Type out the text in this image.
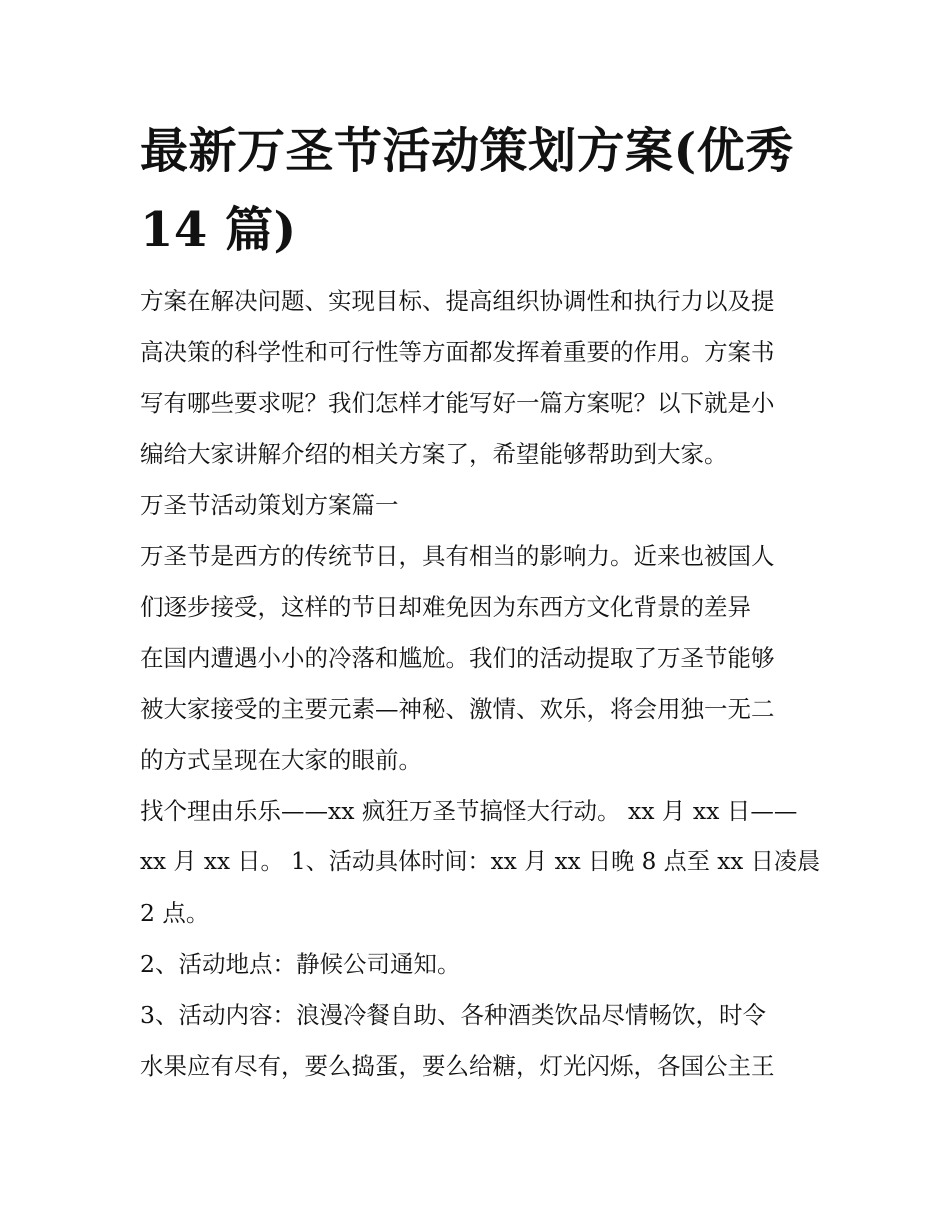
最新万圣节活动策划方案(优秀
14 篇)
方案在解决问题、实现目标、提高组织协调性和执行力以及提
高决策的科学性和可行性等方面都发挥着重要的作用。方案书
写有哪些要求呢？我们怎样才能写好一篇方案呢？以下就是小
编给大家讲解介绍的相关方案了，希望能够帮助到大家。
万圣节活动策划方案篇一
万圣节是西方的传统节日，具有相当的影响力。近来也被国人
们逐步接受，这样的节日却难免因为东西方文化背景的差异
在国内遭遇小小的冷落和尴尬。我们的活动提取了万圣节能够
被大家接受的主要元素—神秘、激情、欢乐，将会用独一无二
的方式呈现在大家的眼前。
找个理由乐乐——xx 疯狂万圣节搞怪大行动。 xx 月 xx 日——
xx 月 xx 日。 1、活动具体时间：xx 月 xx 日晚 8 点至 xx 日凌晨
2 点。
2、活动地点：静候公司通知。
3、活动内容：浪漫冷餐自助、各种酒类饮品尽情畅饮，时令
水果应有尽有，要么捣蛋，要么给糖，灯光闪烁，各国公主王
